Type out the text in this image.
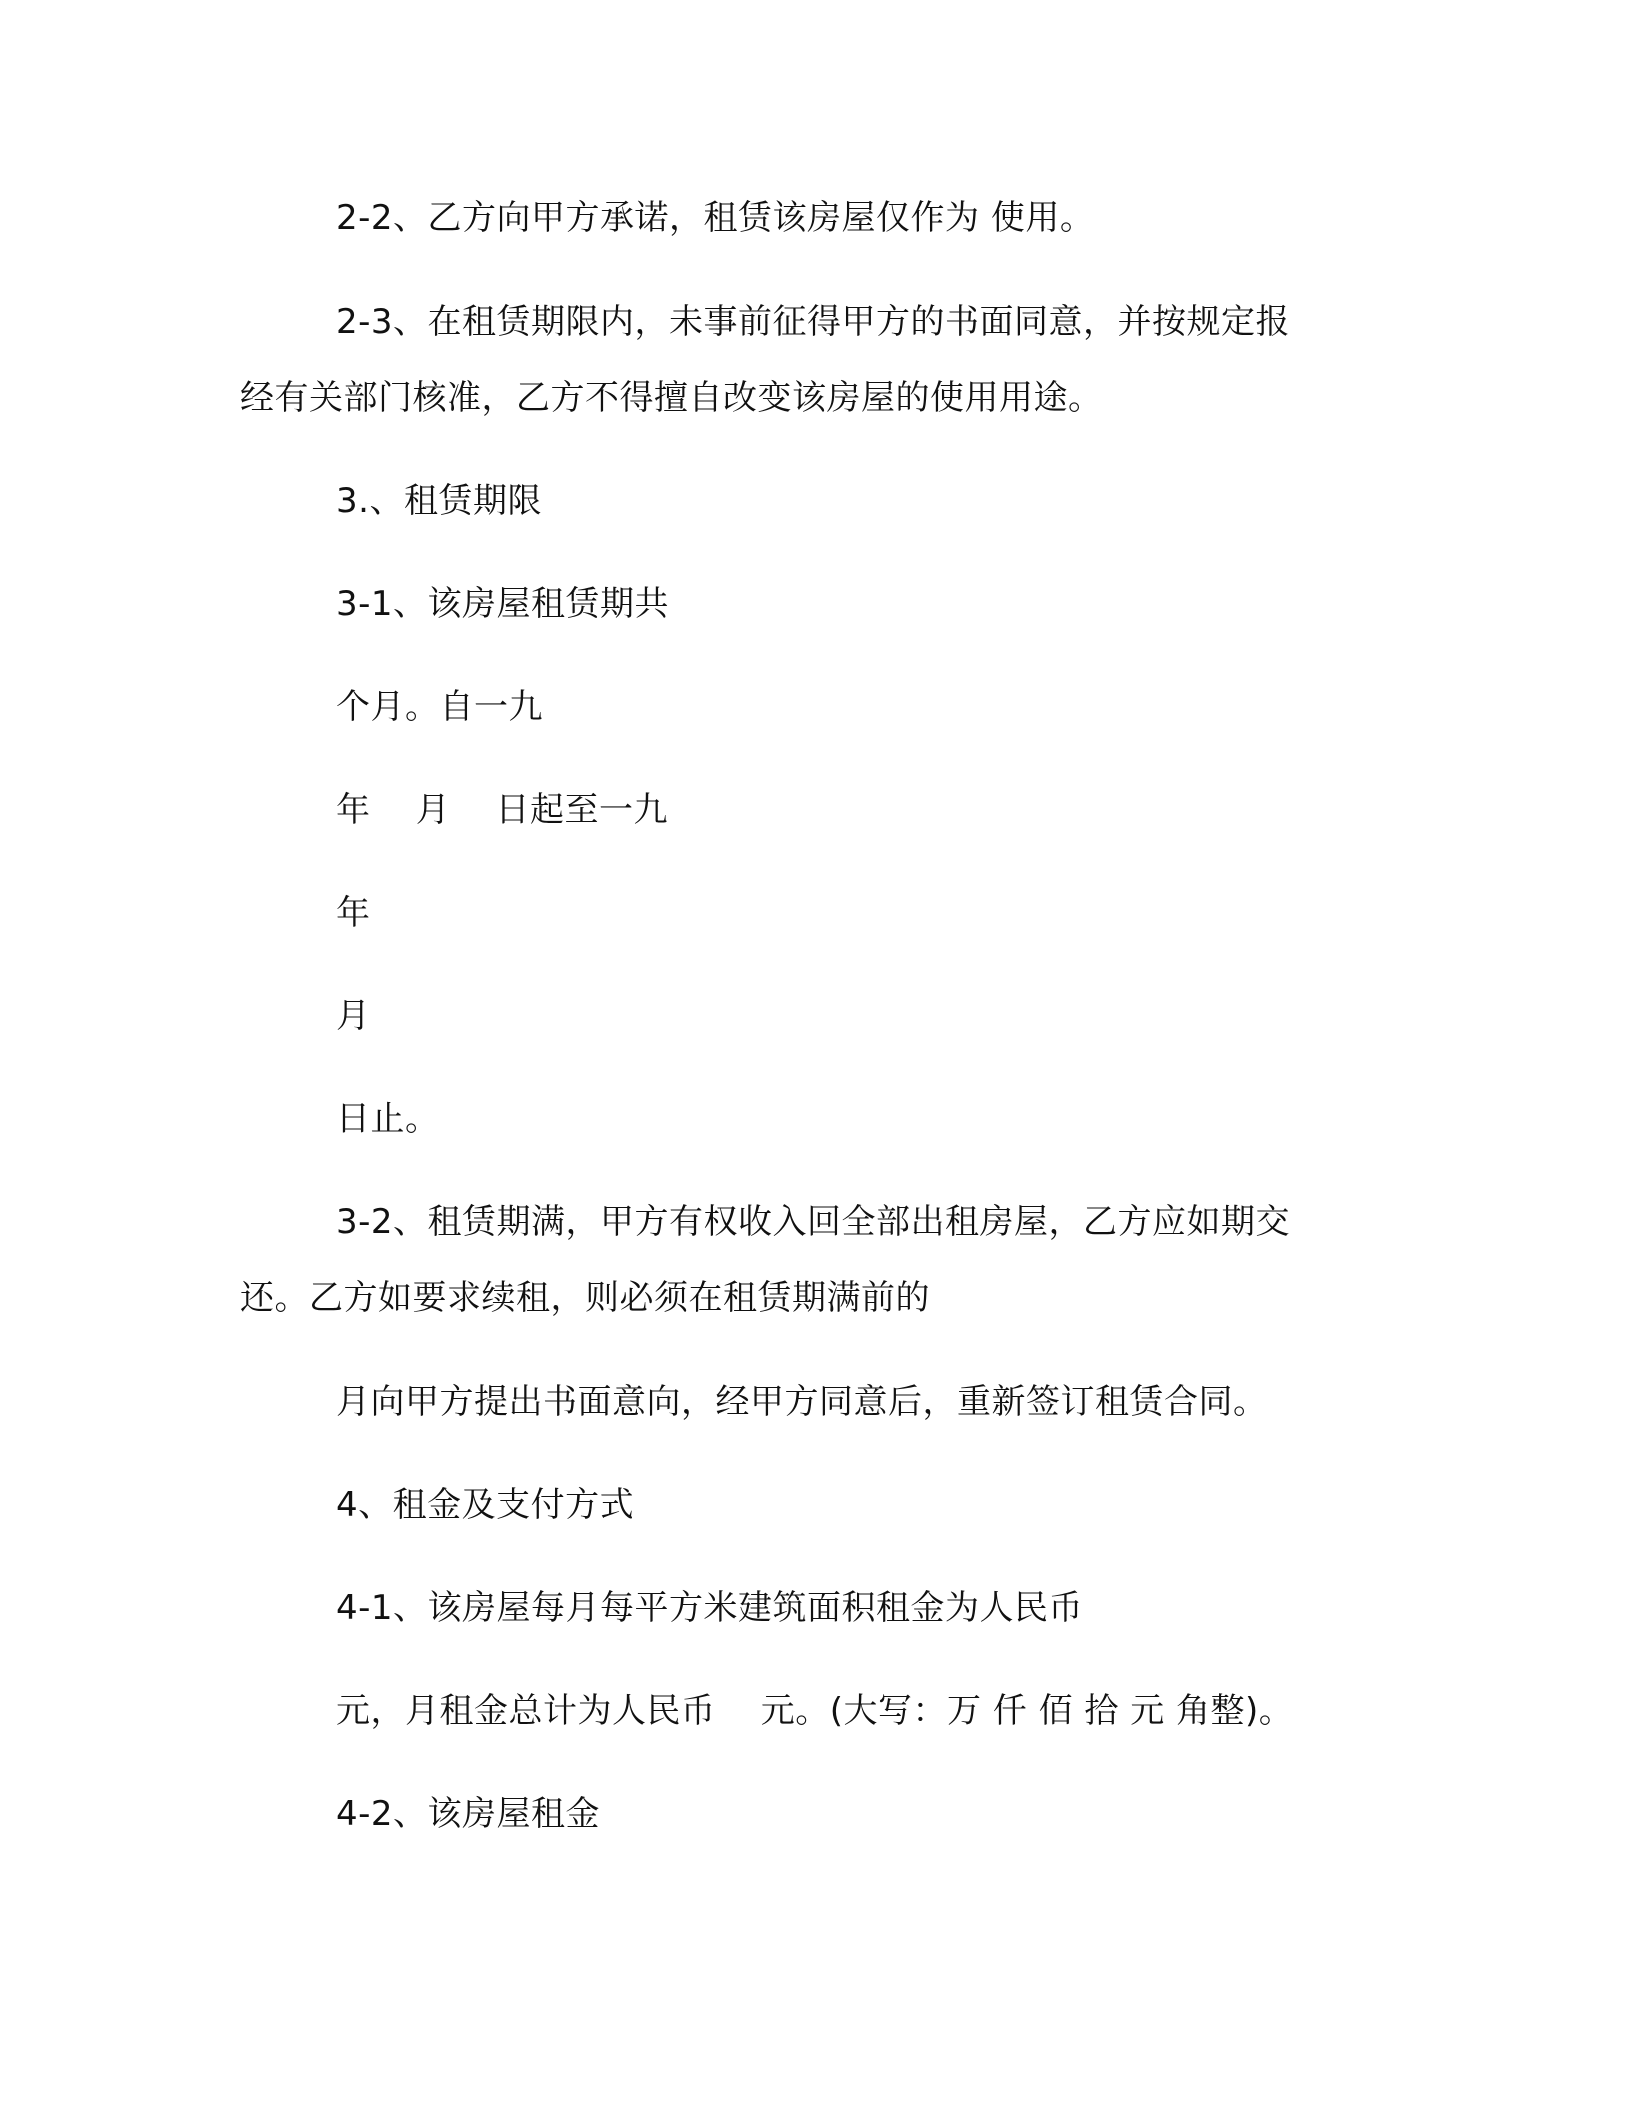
2-2、乙方向甲方承诺，租赁该房屋仅作为 使用。
2-3、在租赁期限内，未事前征得甲方的书面同意，并按规定报
经有关部门核准，乙方不得擅自改变该房屋的使用用途。
3.、租赁期限
3-1、该房屋租赁期共
个月。自一九
年    月    日起至一九
年
月
日止。
3-2、租赁期满，甲方有权收入回全部出租房屋，乙方应如期交
还。乙方如要求续租，则必须在租赁期满前的
月向甲方提出书面意向，经甲方同意后，重新签订租赁合同。
4、租金及支付方式
4-1、该房屋每月每平方米建筑面积租金为人民币
元，月租金总计为人民币    元。(大写：万 仟 佰 拾 元 角整)。
4-2、该房屋租金
